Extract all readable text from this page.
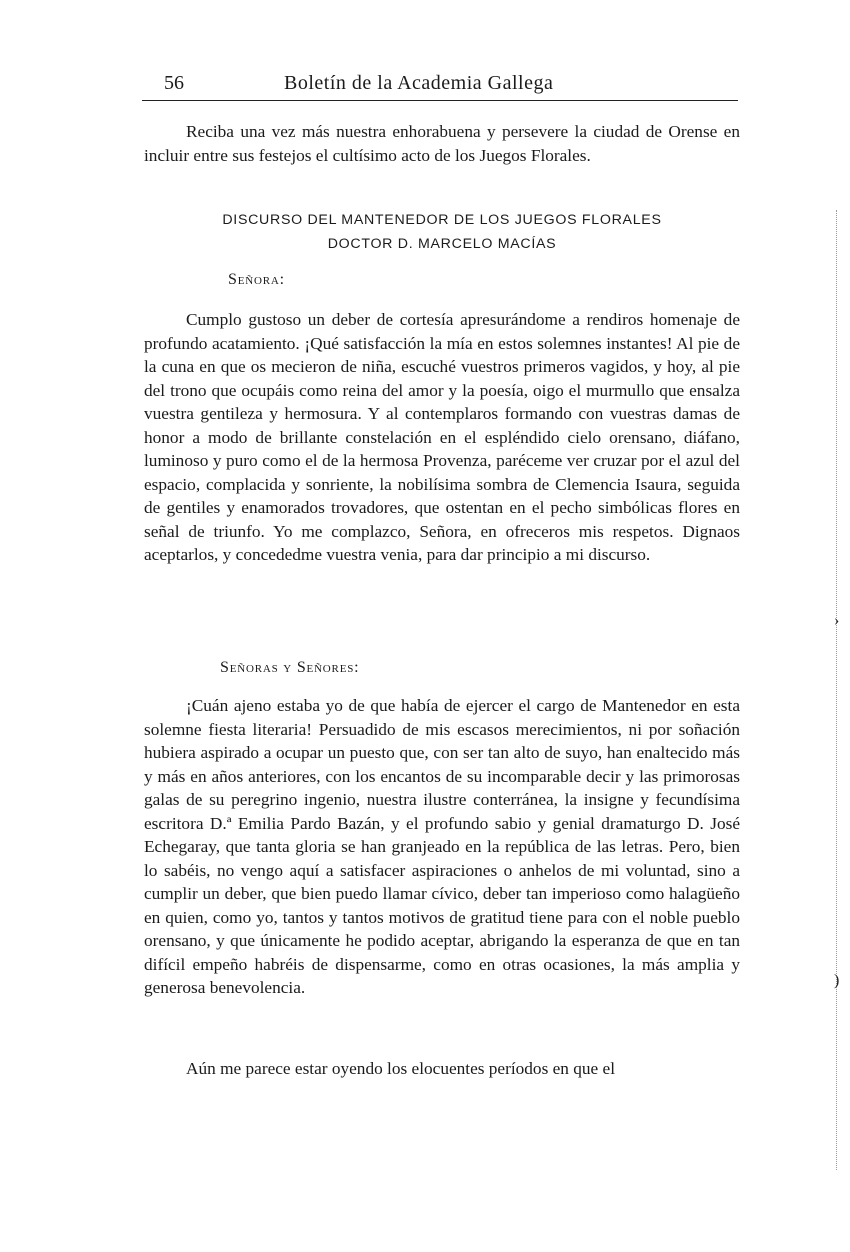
56	Boletín de la Academia Gallega

Reciba una vez más nuestra enhorabuena y persevere la ciudad de Orense en incluir entre sus festejos el cultísimo acto de los Juegos Florales.

DISCURSO DEL MANTENEDOR DE LOS JUEGOS FLORALES
DOCTOR D. MARCELO MACÍAS
Señora:

Cumplo gustoso un deber de cortesía apresurándome a rendiros homenaje de profundo acatamiento. ¡Qué satisfacción la mía en estos solemnes instantes! Al pie de la cuna en que os mecieron de niña, escuché vuestros primeros vagidos, y hoy, al pie del trono que ocupáis como reina del amor y la poesía, oigo el murmullo que ensalza vuestra gentileza y hermosura. Y al contemplaros formando con vuestras damas de honor a modo de brillante constelación en el espléndido cielo orensano, diáfano, luminoso y puro como el de la hermosa Provenza, paréceme ver cruzar por el azul del espacio, complacida y sonriente, la nobilísima sombra de Clemencia Isaura, seguida de gentiles y enamorados trovadores, que ostentan en el pecho simbólicas flores en señal de triunfo. Yo me complazco, Señora, en ofreceros mis respetos. Dignaos aceptarlos, y concededme vuestra venia, para dar principio a mi discurso.

Señoras y Señores:

¡Cuán ajeno estaba yo de que había de ejercer el cargo de Mantenedor en esta solemne fiesta literaria! Persuadido de mis escasos merecimientos, ni por soñación hubiera aspirado a ocupar un puesto que, con ser tan alto de suyo, han enaltecido más y más en años anteriores, con los encantos de su incomparable decir y las primorosas galas de su peregrino ingenio, nuestra ilustre conterránea, la insigne y fecundísima escritora D.ª Emilia Pardo Bazán, y el profundo sabio y genial dramaturgo D. José Echegaray, que tanta gloria se han granjeado en la república de las letras. Pero, bien lo sabéis, no vengo aquí a satisfacer aspiraciones o anhelos de mi voluntad, sino a cumplir un deber, que bien puedo llamar cívico, deber tan imperioso como halagüeño en quien, como yo, tantos y tantos motivos de gratitud tiene para con el noble pueblo orensano, y que únicamente he podido aceptar, abrigando la esperanza de que en tan difícil empeño habréis de dispensarme, como en otras ocasiones, la más amplia y generosa benevolencia.

Aún me parece estar oyendo los elocuentes períodos en que el

›
)
